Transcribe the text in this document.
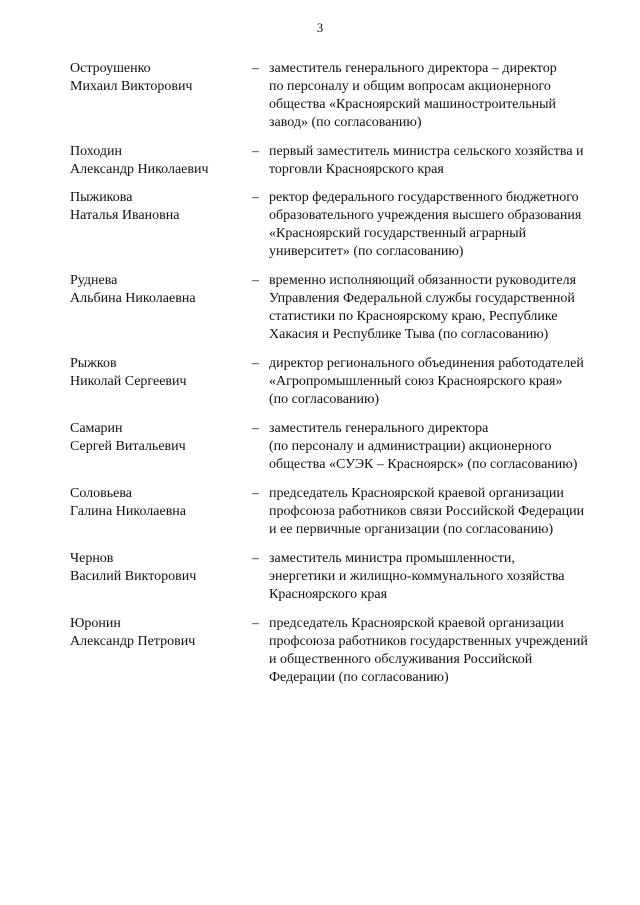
3
Остроушенко
Михаил Викторович
– заместитель генерального директора – директор
по персоналу и общим вопросам акционерного
общества «Красноярский машиностроительный
завод» (по согласованию)
Походин
Александр Николаевич
– первый заместитель министра сельского хозяйства и
торговли Красноярского края
Пыжикова
Наталья Ивановна
– ректор федерального государственного бюджетного
образовательного учреждения высшего образования
«Красноярский государственный аграрный
университет» (по согласованию)
Руднева
Альбина Николаевна
– временно исполняющий обязанности руководителя
Управления Федеральной службы государственной
статистики по Красноярскому краю, Республике
Хакасия и Республике Тыва (по согласованию)
Рыжков
Николай Сергеевич
– директор регионального объединения работодателей
«Агропромышленный союз Красноярского края»
(по согласованию)
Самарин
Сергей Витальевич
– заместитель генерального директора
(по персоналу и администрации) акционерного
общества «СУЭК – Красноярск» (по согласованию)
Соловьева
Галина Николаевна
– председатель Красноярской краевой организации
профсоюза работников связи Российской Федерации
и ее первичные организации (по согласованию)
Чернов
Василий Викторович
– заместитель министра промышленности,
энергетики и жилищно-коммунального хозяйства
Красноярского края
Юронин
Александр Петрович
– председатель Красноярской краевой организации
профсоюза работников государственных учреждений
и общественного обслуживания Российской
Федерации (по согласованию)
